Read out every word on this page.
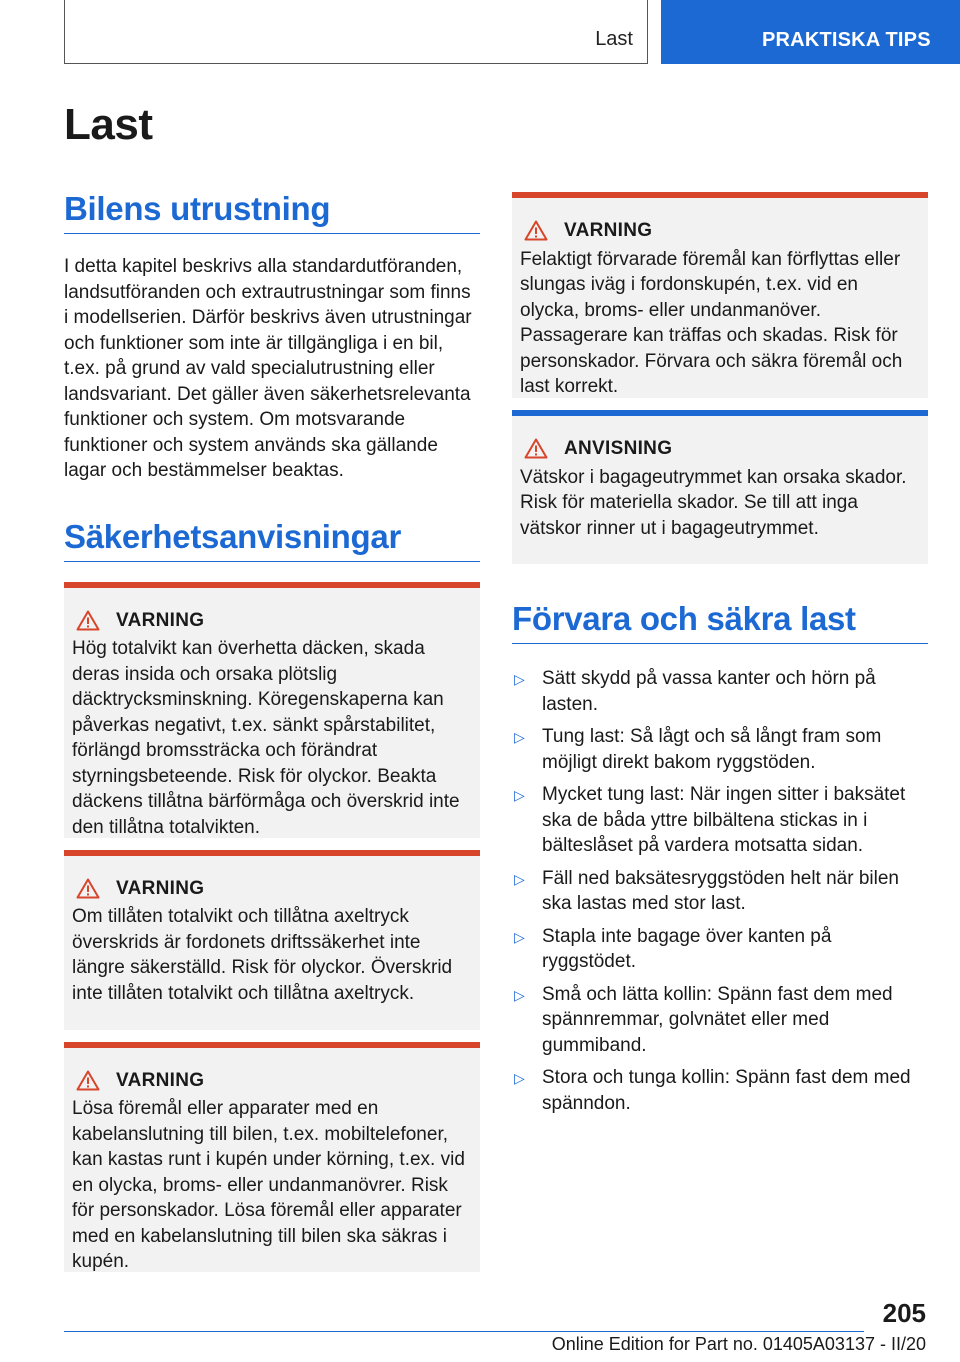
Last	PRAKTISKA TIPS
Last
Bilens utrustning

I detta kapitel beskrivs alla standardutföranden, landsutföranden och extrautrustningar som finns i modellserien. Därför beskrivs även utrustningar och funktioner som inte är tillgängliga i en bil, t.ex. på grund av vald specialutrustning eller landsvariant. Det gäller även säkerhetsrelevanta funktioner och system. Om motsvarande funktioner och system används ska gällande lagar och bestämmelser beaktas.

Säkerhetsanvisningar
VARNING
Hög totalvikt kan överhetta däcken, skada deras insida och orsaka plötslig däcktrycksminskning. Köregenskaperna kan påverkas negativt, t.ex. sänkt spårstabilitet, förlängd bromssträcka och förändrat styrningsbeteende. Risk för olyckor. Beakta däckens tillåtna bärförmåga och överskrid inte den tillåtna totalvikten.
VARNING
Om tillåten totalvikt och tillåtna axeltryck överskrids är fordonets driftssäkerhet inte längre säkerställd. Risk för olyckor. Överskrid inte tillåten totalvikt och tillåtna axeltryck.
VARNING
Lösa föremål eller apparater med en kabelanslutning till bilen, t.ex. mobiltelefoner, kan kastas runt i kupén under körning, t.ex. vid en olycka, broms- eller undanmanövrer. Risk för personskador. Lösa föremål eller apparater med en kabelanslutning till bilen ska säkras i kupén.
VARNING
Felaktigt förvarade föremål kan förflyttas eller slungas iväg i fordonskupén, t.ex. vid en olycka, broms- eller undanmanöver. Passagerare kan träffas och skadas. Risk för personskador. Förvara och säkra föremål och last korrekt.
ANVISNING
Vätskor i bagageutrymmet kan orsaka skador. Risk för materiella skador. Se till att inga vätskor rinner ut i bagageutrymmet.
Förvara och säkra last
▷ Sätt skydd på vassa kanter och hörn på lasten.
▷ Tung last: Så lågt och så långt fram som möjligt direkt bakom ryggstöden.
▷ Mycket tung last: När ingen sitter i baksätet ska de båda yttre bilbältena stickas in i bälteslåset på vardera motsatta sidan.
▷ Fäll ned baksätesryggstöden helt när bilen ska lastas med stor last.
▷ Stapla inte bagage över kanten på ryggstödet.
▷ Små och lätta kollin: Spänn fast dem med spännremmar, golvnätet eller med gummiband.
▷ Stora och tunga kollin: Spänn fast dem med spänndon.
205
Online Edition for Part no. 01405A03137 - II/20
